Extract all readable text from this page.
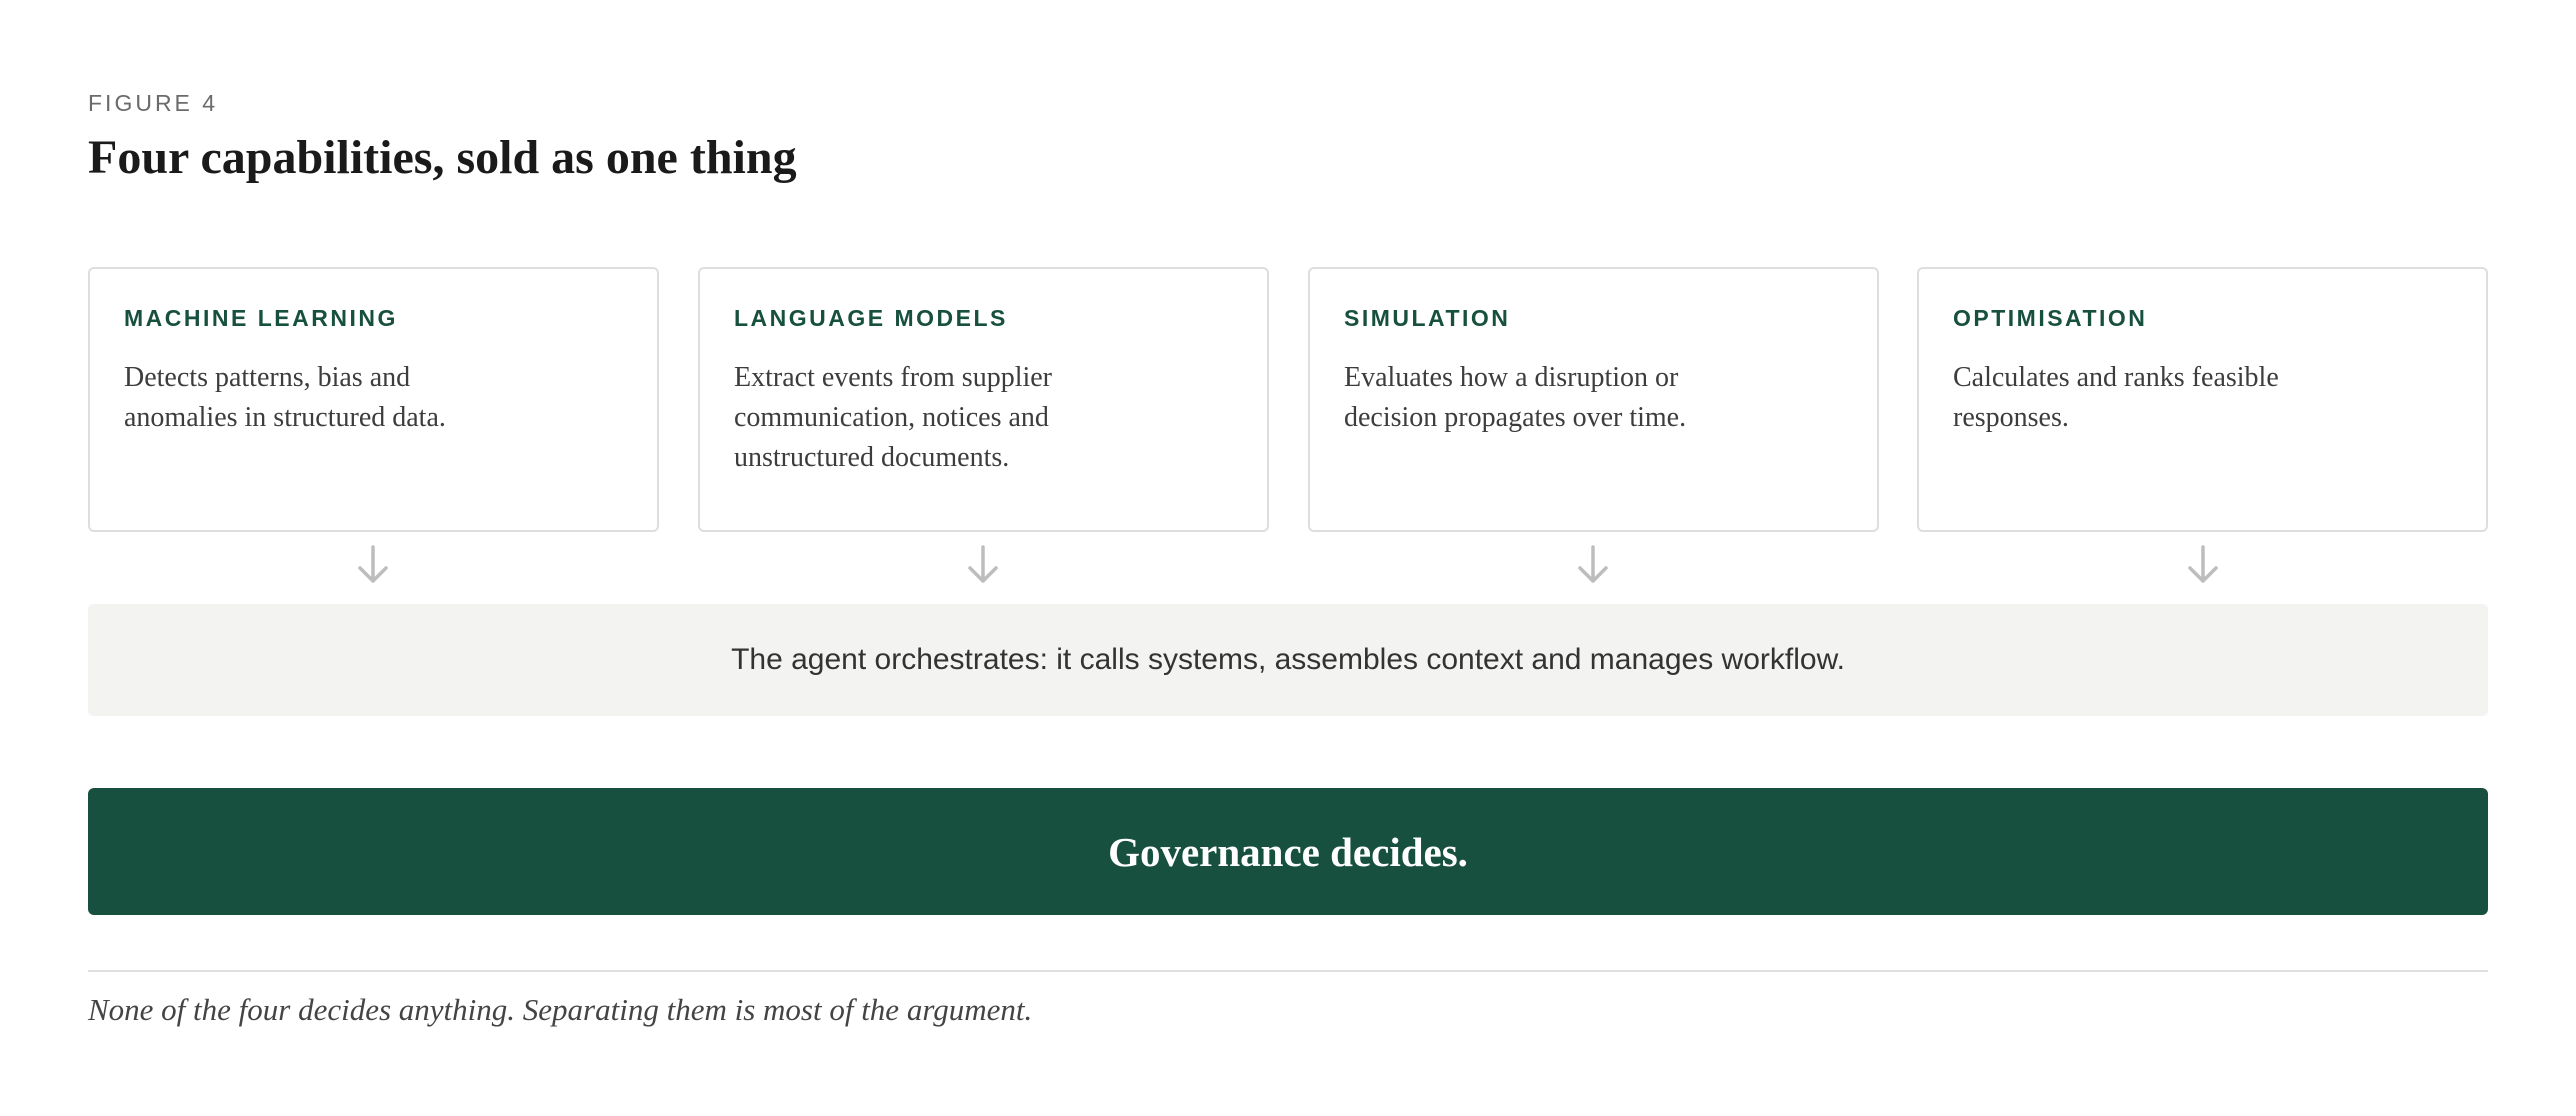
FIGURE 4
Four capabilities, sold as one thing
MACHINE LEARNING
Detects patterns, bias and anomalies in structured data.
LANGUAGE MODELS
Extract events from supplier communication, notices and unstructured documents.
SIMULATION
Evaluates how a disruption or decision propagates over time.
OPTIMISATION
Calculates and ranks feasible responses.
The agent orchestrates: it calls systems, assembles context and manages workflow.
Governance decides.

None of the four decides anything. Separating them is most of the argument.
